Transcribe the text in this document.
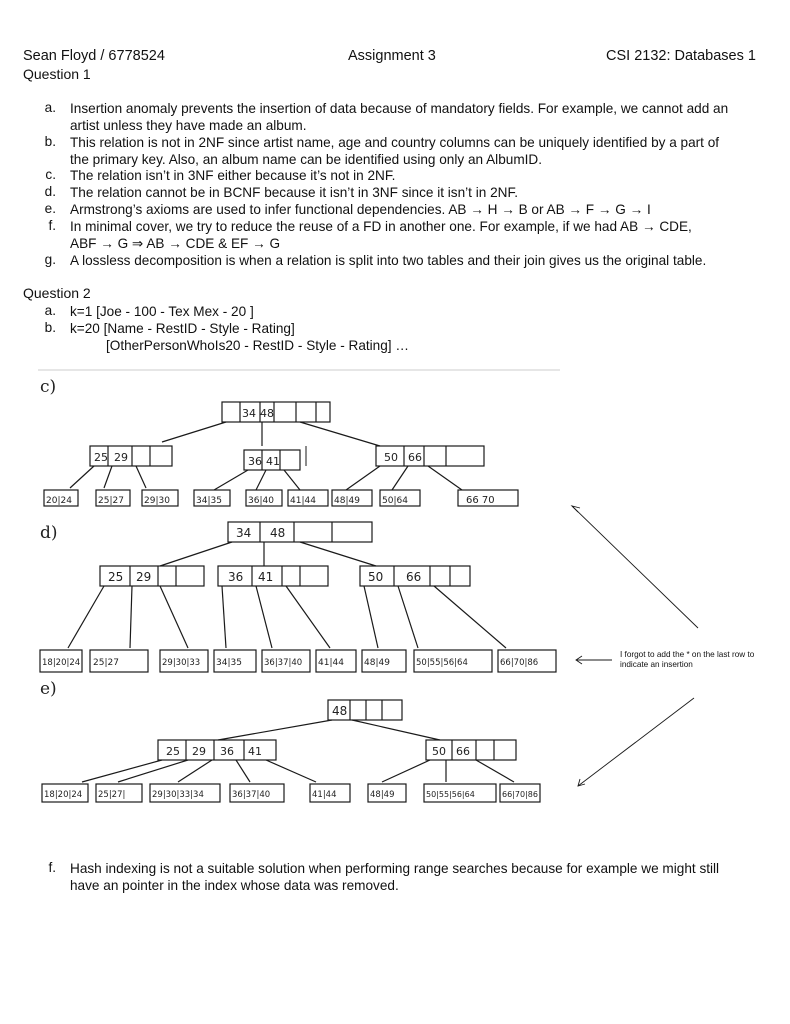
Sean Floyd / 6778524	Assignment 3	CSI 2132: Databases 1
Question 1
a. Insertion anomaly prevents the insertion of data because of mandatory fields. For example, we cannot add an
artist unless they have made an album.
b. This relation is not in 2NF since artist name, age and country columns can be uniquely identified by a part of
the primary key. Also, an album name can be identified using only an AlbumID.
c. The relation isn’t in 3NF either because it’s not in 2NF.
d. The relation cannot be in BCNF because it isn’t in 3NF since it isn’t in 2NF.
e. Armstrong’s axioms are used to infer functional dependencies. AB → H → B or AB → F → G → I
f. In minimal cover, we try to reduce the reuse of a FD in another one. For example, if we had AB → CDE,
ABF → G ⇒ AB → CDE & EF → G
g. A lossless decomposition is when a relation is split into two tables and their join gives us the original table.
Question 2
a. k=1 [Joe - 100 - Tex Mex - 20 ]
b. k=20 [Name - RestID - Style - Rating]
[OtherPersonWhoIs20 - RestID - Style - Rating] …
c)
d)
e)
34 48
25 29	36 41	50 66
20|24	25|27 29|30	34|35	36|40 41|44 48|49 50|64	66 70
34 48
25 29	36 41	50 66
18|20|24 25|27	29|30|33 34|35	36|37|40 41|44 48|49	50|55|56|64	66|70|86
48
25 29 36 41	50 66
18|20|24 25|27|	29|30|33|34	36|37|40	41|44	48|49	50|55|56|64	66|70|86
I forgot to add the * on the last row to
indicate an insertion
f. Hash indexing is not a suitable solution when performing range searches because for example we might still
have an pointer in the index whose data was removed.
